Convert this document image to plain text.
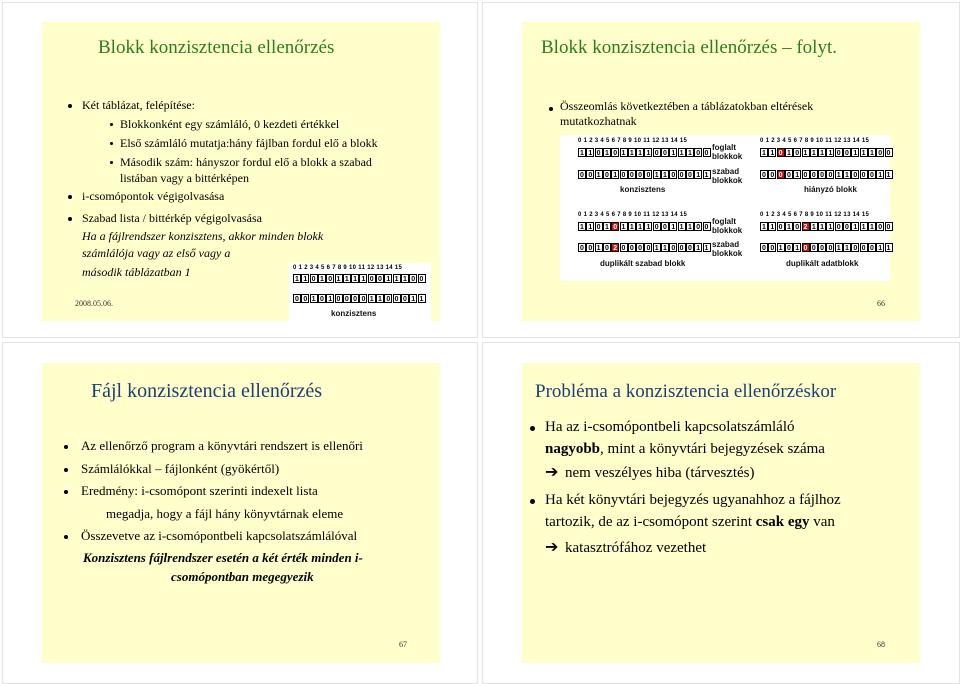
Blokk konzisztencia ellenőrzés
Két táblázat, felépítése:
Blokkonként egy számláló, 0 kezdeti értékkel
Első számláló mutatja:hány fájlban fordul elő a blokk
Második szám: hányszor fordul elő a blokk a szabad
listában vagy a bittérképen
i-csomópontok végigolvasása
Szabad lista / bittérkép végigolvasása
Ha a fájlrendszer konzisztens, akkor minden blokk
számlálója vagy az első vagy a
második táblázatban 1
2008.05.06.
0 1 2 3 4 5 6 7 8 9 10 11 12 13 14 15
1 1 0 1 0 1 1 1 1 0 0 1 1 1 0 0
0 0 1 0 1 0 0 0 0 1 1 0 0 0 1 1
konzisztens
Blokk konzisztencia ellenőrzés – folyt.
Összeomlás következtében a táblázatokban eltérések mutatkozhatnak
0 1 2 3 4 5 6 7 8 9 10 11 12 13 14 15
1 1 0 1 0 1 1 1 1 0 0 1 1 1 0 0
foglalt blokkok
0 0 1 0 1 0 0 0 0 1 1 0 0 0 1 1 szabad blokkok
konzisztens
0 1 2 3 4 5 6 7 8 9 10 11 12 13 14 15
1 1 0 1 0 1 1 1 1 0 0 1 1 1 0 0
0 0 0 0 1 0 0 0 0 1 1 0 0 0 1 1
hiányzó blokk
0 1 2 3 4 5 6 7 8 9 10 11 12 13 14 15
1 1 0 1 0 1 1 1 1 0 0 1 1 1 0 0
foglalt blokkok
0 0 1 0 2 0 0 0 0 1 1 0 0 0 1 1 szabad blokkok
duplikált szabad blokk
0 1 2 3 4 5 6 7 8 9 10 11 12 13 14 15
1 1 0 1 0 2 1 1 1 0 0 1 1 1 0 0
0 0 1 0 1 0 0 0 0 1 1 0 0 0 1 1
duplikált adatblokk
66
Fájl konzisztencia ellenőrzés
Az ellenőrző program a könyvtári rendszert is ellenőri
Számlálókkal – fájlonként (gyökértől)
Eredmény: i-csomópont szerinti indexelt lista
megadja, hogy a fájl hány könyvtárnak eleme
Összevetve az i-csomópontbeli kapcsolatszámlálóval
Konzisztens fájlrendszer esetén a két érték minden i-
csomópontban megegyezik
67
Probléma a konzisztencia ellenőrzéskor
Ha az i-csomópontbeli kapcsolatszámláló
nagyobb, mint a könyvtári bejegyzések száma
➔ nem veszélyes hiba (tárvesztés)
Ha két könyvtári bejegyzés ugyanahhoz a fájlhoz
tartozik, de az i-csomópont szerint csak egy van
➔ katasztrófához vezethet
68
